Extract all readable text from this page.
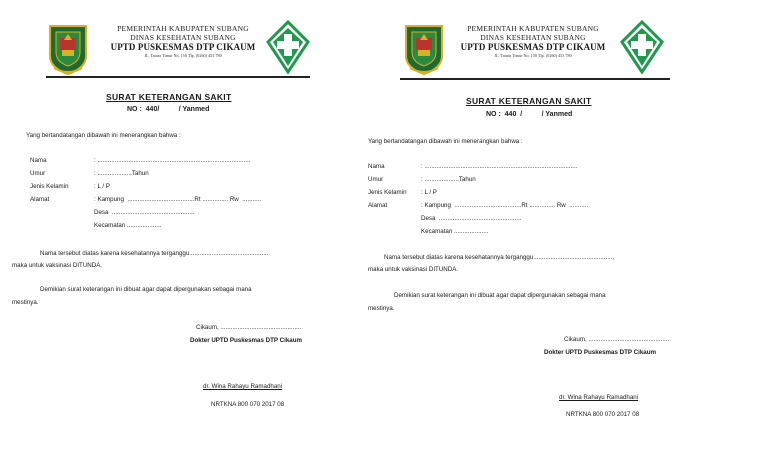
PEMERINTAH KABUPATEN SUBANG
DINAS KESEHATAN SUBANG
UPTD PUSKESMAS DTP CIKAUM
JL. Tatura Timur No. 150 Tlp. (0260) 453 780
SURAT KETERANGAN SAKIT
NO :  440/          / Yanmed
Yang bertandatangan dibawah ini menerangkan bahwa :
Nama	: .........................................................................................
Umur	: ....................Tahun
Jenis Kelamin	: L / P
Alamat	: Kampung  .......................................Rt ............... Rw  ...........
Desa  ................................................
Kecamatan ....................
Nama tersebut diatas karena kesehatannya terganggu..............................................
maka untuk vaksinasi DITUNDA.
Demikian surat keterangan ini dibuat agar dapat dipergunakan sebagai mana
mestinya.
Cikaum, ...............................................
Dokter UPTD Puskesmas DTP Cikaum
dr. Wina Rahayu Ramadhani
NRTKNA 800 070 2017 08
PEMERINTAH KABUPATEN SUBANG
DINAS KESEHATAN SUBANG
UPTD PUSKESMAS DTP CIKAUM
JL. Tatura Timur No. 150 Tlp. (0260) 453 780
SURAT KETERANGAN SAKIT
NO :  440  /          / Yanmed
Yang bertandatangan dibawah ini menerangkan bahwa :
Nama	: .........................................................................................
Umur	: ....................Tahun
Jenis Kelamin : L / P
Alamat	: Kampung  .......................................Rt ............... Rw  ...........
Desa  ................................................
Kecamatan ....................
Nama tersebut diatas karena kesehatannya terganggu..............................................,
maka untuk vaksinasi DITUNDA.
Demikian surat keterangan ini dibuat agar dapat dipergunakan sebagai mana
mestinya.
Cikaum, ...............................................
Dokter UPTD Puskesmas DTP Cikaum
dr. Wina Rahayu Ramadhani
NRTKNA 800 070 2017 08
